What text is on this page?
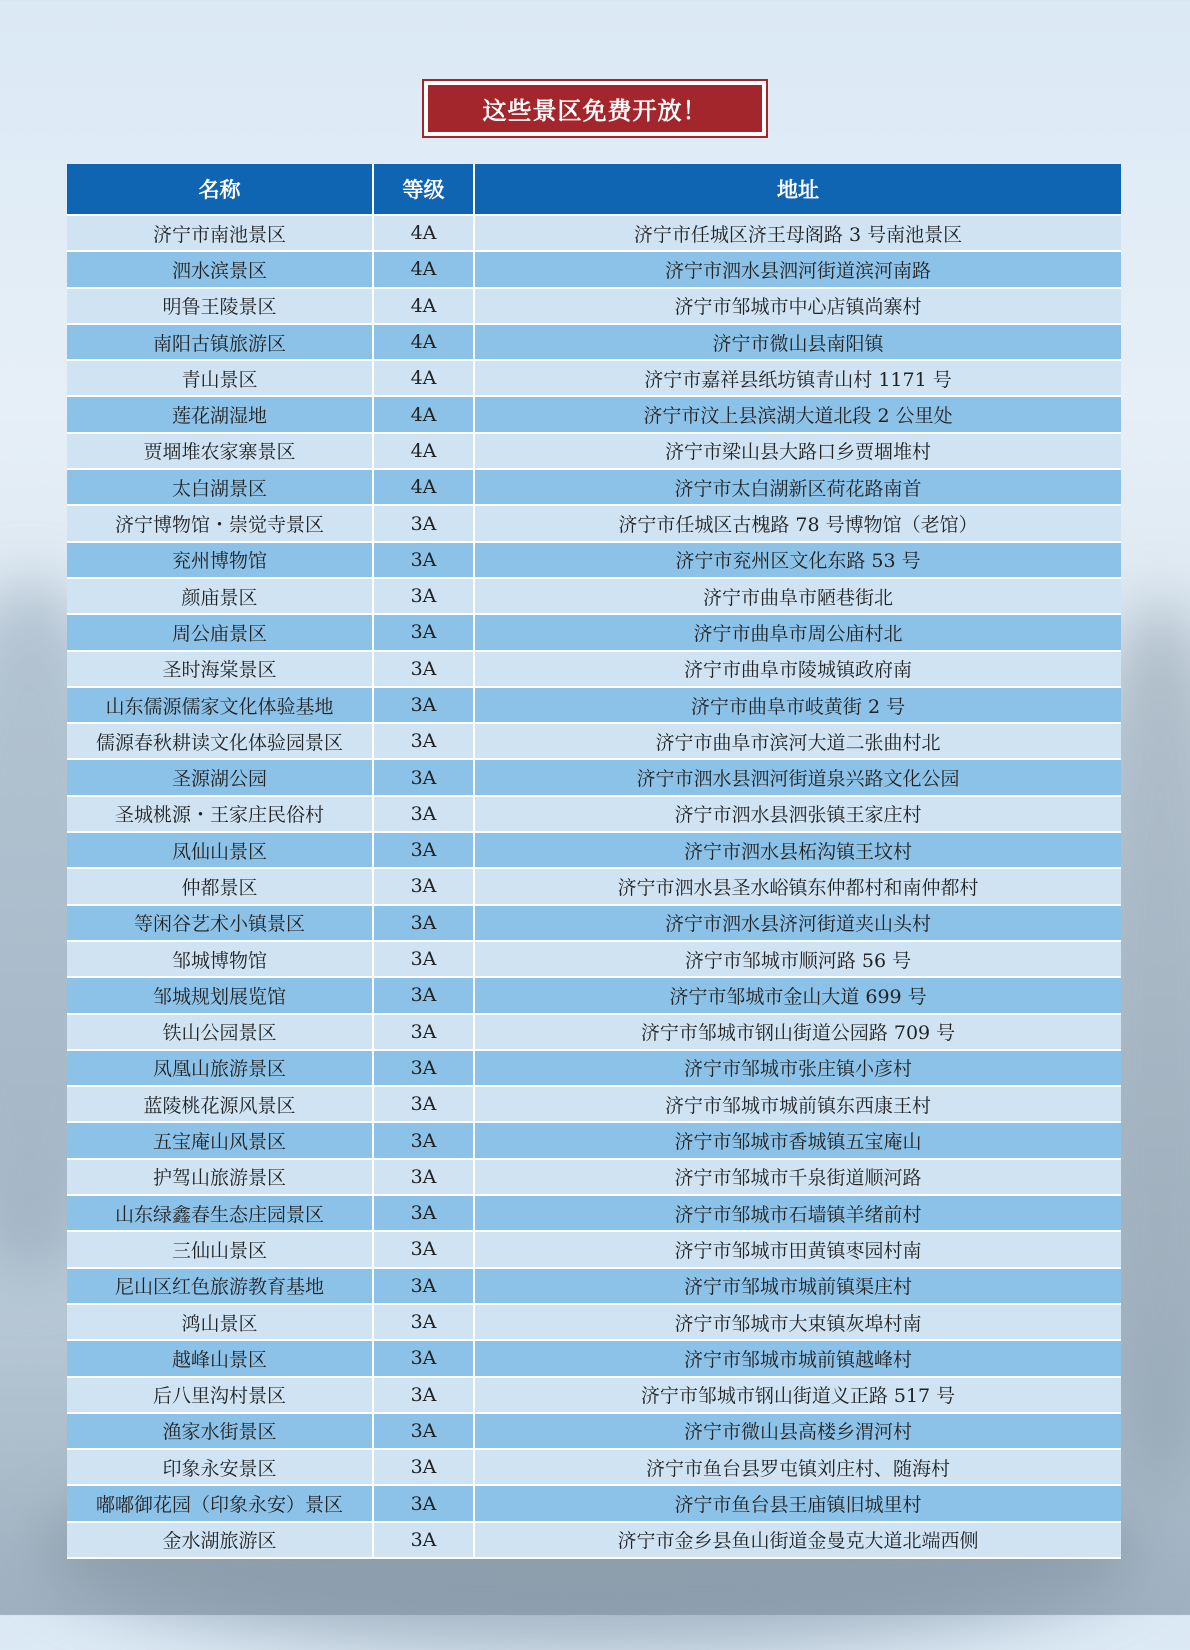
这些景区免费开放！
名称	等级	地址
济宁市南池景区	4A	济宁市任城区济王母阁路 3 号南池景区
泗水滨景区	4A	济宁市泗水县泗河街道滨河南路
明鲁王陵景区	4A	济宁市邹城市中心店镇尚寨村
南阳古镇旅游区	4A	济宁市微山县南阳镇
青山景区	4A	济宁市嘉祥县纸坊镇青山村 1171 号
莲花湖湿地	4A	济宁市汶上县滨湖大道北段 2 公里处
贾堌堆农家寨景区	4A	济宁市梁山县大路口乡贾堌堆村
太白湖景区	4A	济宁市太白湖新区荷花路南首
济宁博物馆・崇觉寺景区	3A	济宁市任城区古槐路 78 号博物馆（老馆）
兖州博物馆	3A	济宁市兖州区文化东路 53 号
颜庙景区	3A	济宁市曲阜市陋巷街北
周公庙景区	3A	济宁市曲阜市周公庙村北
圣时海棠景区	3A	济宁市曲阜市陵城镇政府南
山东儒源儒家文化体验基地	3A	济宁市曲阜市岐黄街 2 号
儒源春秋耕读文化体验园景区	3A	济宁市曲阜市滨河大道二张曲村北
圣源湖公园	3A	济宁市泗水县泗河街道泉兴路文化公园
圣城桃源・王家庄民俗村	3A	济宁市泗水县泗张镇王家庄村
凤仙山景区	3A	济宁市泗水县柘沟镇王坟村
仲都景区	3A	济宁市泗水县圣水峪镇东仲都村和南仲都村
等闲谷艺术小镇景区	3A	济宁市泗水县济河街道夹山头村
邹城博物馆	3A	济宁市邹城市顺河路 56 号
邹城规划展览馆	3A	济宁市邹城市金山大道 699 号
铁山公园景区	3A	济宁市邹城市钢山街道公园路 709 号
凤凰山旅游景区	3A	济宁市邹城市张庄镇小彦村
蓝陵桃花源风景区	3A	济宁市邹城市城前镇东西康王村
五宝庵山风景区	3A	济宁市邹城市香城镇五宝庵山
护驾山旅游景区	3A	济宁市邹城市千泉街道顺河路
山东绿鑫春生态庄园景区	3A	济宁市邹城市石墙镇羊绪前村
三仙山景区	3A	济宁市邹城市田黄镇枣园村南
尼山区红色旅游教育基地	3A	济宁市邹城市城前镇渠庄村
鸿山景区	3A	济宁市邹城市大束镇灰埠村南
越峰山景区	3A	济宁市邹城市城前镇越峰村
后八里沟村景区	3A	济宁市邹城市钢山街道义正路 517 号
渔家水街景区	3A	济宁市微山县高楼乡渭河村
印象永安景区	3A	济宁市鱼台县罗屯镇刘庄村、随海村
嘟嘟御花园（印象永安）景区	3A	济宁市鱼台县王庙镇旧城里村
金水湖旅游区	3A	济宁市金乡县鱼山街道金曼克大道北端西侧
